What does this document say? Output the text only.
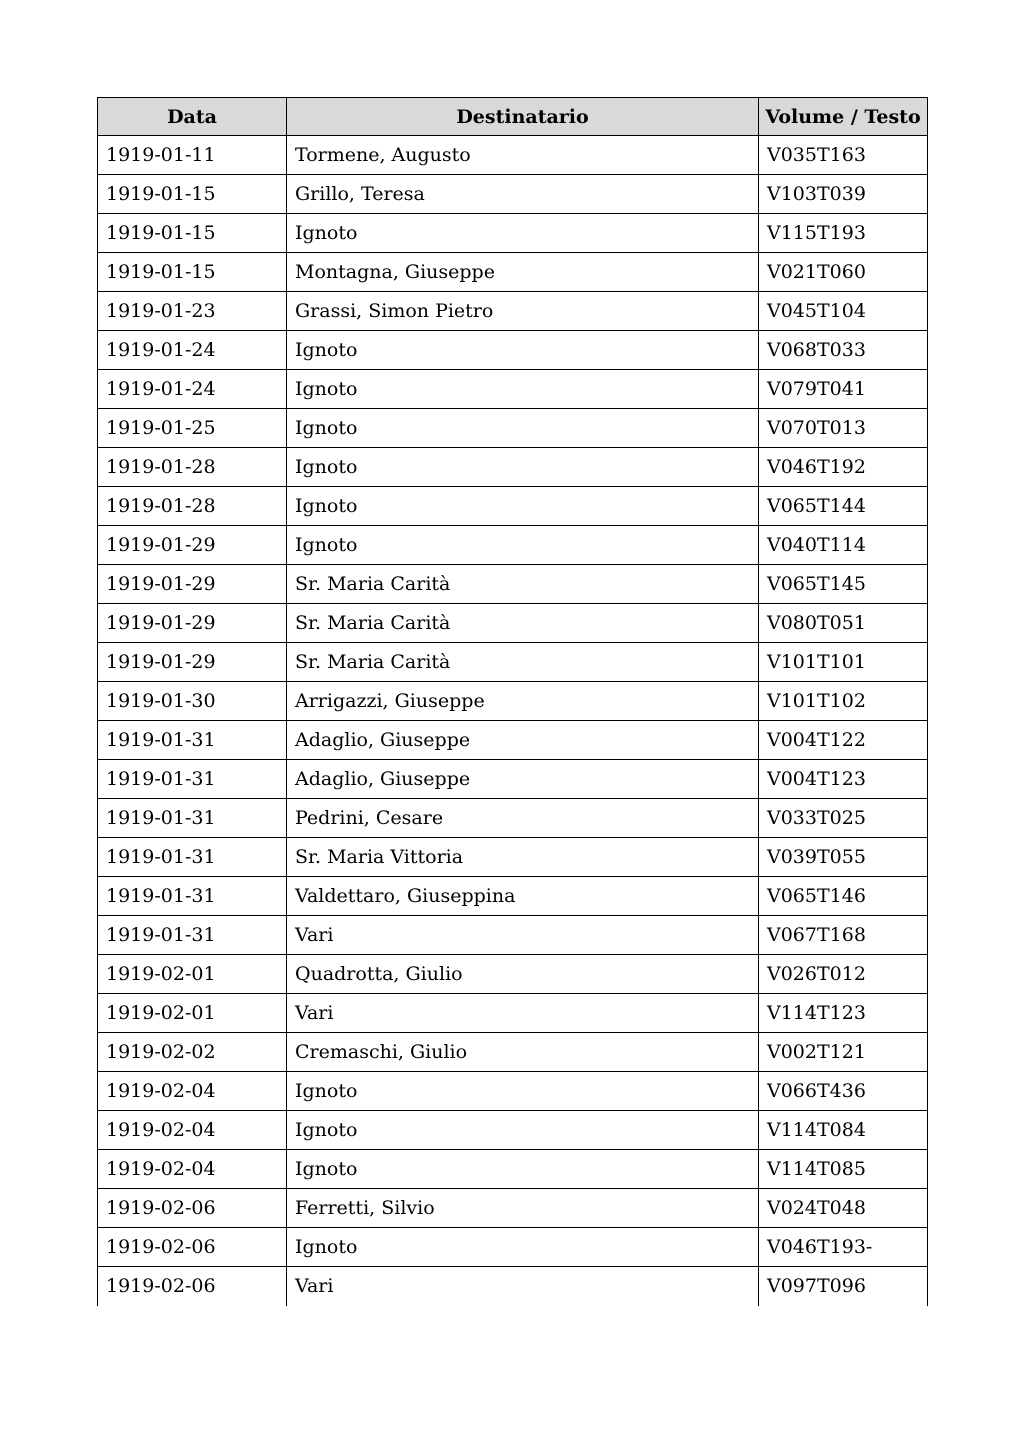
Data	Destinatario	Volume / Testo
1919-01-11	Tormene, Augusto	V035T163
1919-01-15	Grillo, Teresa	V103T039
1919-01-15	Ignoto	V115T193
1919-01-15	Montagna, Giuseppe	V021T060
1919-01-23	Grassi, Simon Pietro	V045T104
1919-01-24	Ignoto	V068T033
1919-01-24	Ignoto	V079T041
1919-01-25	Ignoto	V070T013
1919-01-28	Ignoto	V046T192
1919-01-28	Ignoto	V065T144
1919-01-29	Ignoto	V040T114
1919-01-29	Sr. Maria Carità	V065T145
1919-01-29	Sr. Maria Carità	V080T051
1919-01-29	Sr. Maria Carità	V101T101
1919-01-30	Arrigazzi, Giuseppe	V101T102
1919-01-31	Adaglio, Giuseppe	V004T122
1919-01-31	Adaglio, Giuseppe	V004T123
1919-01-31	Pedrini, Cesare	V033T025
1919-01-31	Sr. Maria Vittoria	V039T055
1919-01-31	Valdettaro, Giuseppina	V065T146
1919-01-31	Vari	V067T168
1919-02-01	Quadrotta, Giulio	V026T012
1919-02-01	Vari	V114T123
1919-02-02	Cremaschi, Giulio	V002T121
1919-02-04	Ignoto	V066T436
1919-02-04	Ignoto	V114T084
1919-02-04	Ignoto	V114T085
1919-02-06	Ferretti, Silvio	V024T048
1919-02-06	Ignoto	V046T193-
1919-02-06	Vari	V097T096
